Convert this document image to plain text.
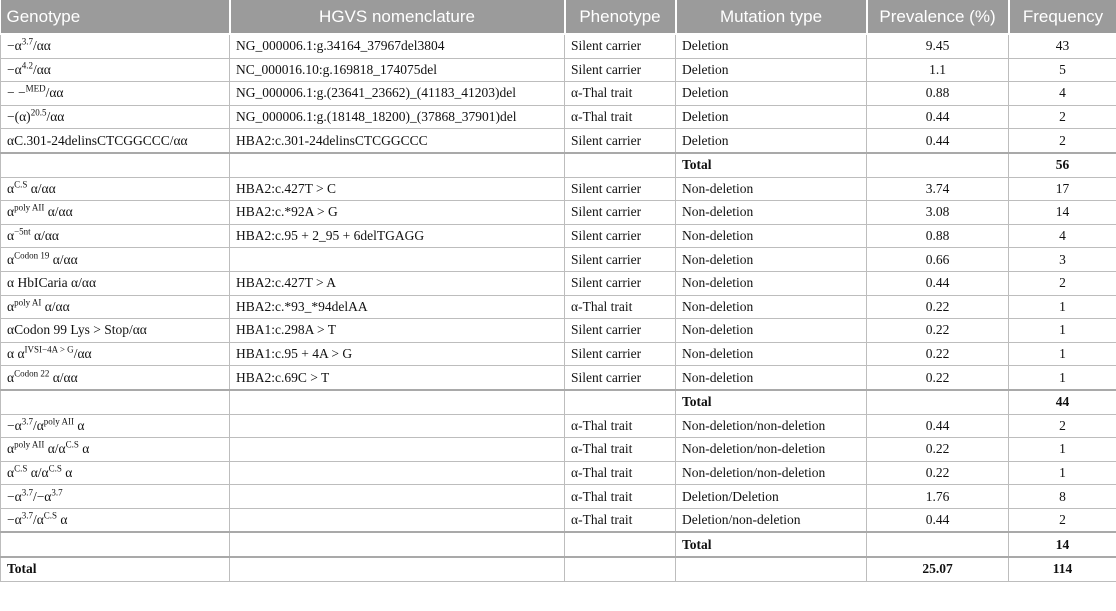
Genotype	HGVS nomenclature	Phenotype	Mutation type	Prevalence (%)	Frequency
$-\alpha^{3.7}/\alpha\alpha$	NG_000006.1:g.34164_37967del3804	Silent carrier	Deletion	9.45	43
$-\alpha^{4.2}/\alpha\alpha$	NC_000016.10:g.169818_174075del	Silent carrier	Deletion	1.1	5
− −$^{MED}$/αα	NG_000006.1:g.(23641_23662)_(41183_41203)del	α-Thal trait	Deletion	0.88	4
$-(\alpha)^{20.5}/\alpha\alpha$	NG_000006.1:g.(18148_18200)_(37868_37901)del	α-Thal trait	Deletion	0.44	2
αC.301-24delinsCTCGGCCC/αα	HBA2:c.301-24delinsCTCGGCCC	Silent carrier	Deletion	0.44	2
			Total		56
$\alpha^{C.S}$ α/αα	HBA2:c.427T > C	Silent carrier	Non-deletion	3.74	17
$\alpha^{poly AII}$ α/αα	HBA2:c.*92A > G	Silent carrier	Non-deletion	3.08	14
$\alpha^{-5nt}$ α/αα	HBA2:c.95 + 2_95 + 6delTGAGG	Silent carrier	Non-deletion	0.88	4
$\alpha^{Codon 19}$ α/αα		Silent carrier	Non-deletion	0.66	3
α HbICaria α/αα	HBA2:c.427T > A	Silent carrier	Non-deletion	0.44	2
$\alpha^{poly AI}$ α/αα	HBA2:c.*93_*94delAA	α-Thal trait	Non-deletion	0.22	1
αCodon 99 Lys > Stop/αα	HBA1:c.298A > T	Silent carrier	Non-deletion	0.22	1
α $\alpha^{IVSI-4A > G}/\alpha\alpha$	HBA1:c.95 + 4A > G	Silent carrier	Non-deletion	0.22	1
$\alpha^{Codon 22}$ α/αα	HBA2:c.69C > T	Silent carrier	Non-deletion	0.22	1
			Total		44
$-\alpha^{3.7}/\alpha^{poly AII}$ α		α-Thal trait	Non-deletion/non-deletion	0.44	2
$\alpha^{poly AII}$ $\alpha/\alpha^{C.S}$ α		α-Thal trait	Non-deletion/non-deletion	0.22	1
$\alpha^{C.S}$ $\alpha/\alpha^{C.S}$ α		α-Thal trait	Non-deletion/non-deletion	0.22	1
$-\alpha^{3.7}/-\alpha^{3.7}$		α-Thal trait	Deletion/Deletion	1.76	8
$-\alpha^{3.7}/\alpha^{C.S}$ α		α-Thal trait	Deletion/non-deletion	0.44	2
			Total		14
Total				25.07	114
